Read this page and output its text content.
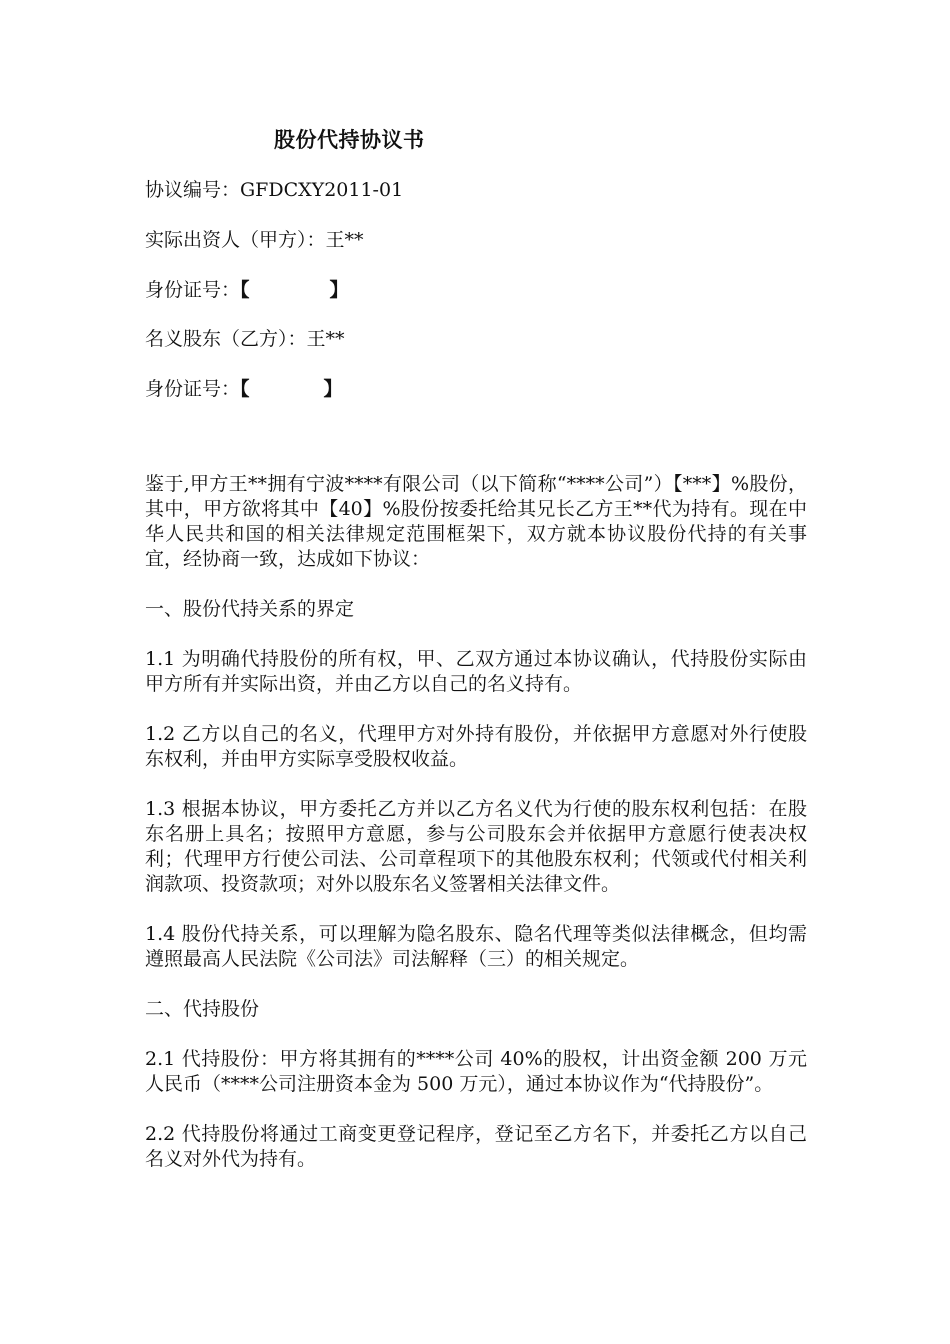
股份代持协议书
协议编号：GFDCXY2011-01
实际出资人（甲方）：王**
身份证号：【	】
名义股东（乙方）：王**
身份证号：【	】

鉴于,甲方王**拥有宁波****有限公司（以下简称“****公司”）【***】%股份，其中，甲方欲将其中【40】%股份按委托给其兄长乙方王**代为持有。现在中华人民共和国的相关法律规定范围框架下，双方就本协议股份代持的有关事宜，经协商一致，达成如下协议：

一、股份代持关系的界定

1.1 为明确代持股份的所有权，甲、乙双方通过本协议确认，代持股份实际由甲方所有并实际出资，并由乙方以自己的名义持有。

1.2 乙方以自己的名义，代理甲方对外持有股份，并依据甲方意愿对外行使股东权利，并由甲方实际享受股权收益。

1.3 根据本协议，甲方委托乙方并以乙方名义代为行使的股东权利包括：在股东名册上具名；按照甲方意愿，参与公司股东会并依据甲方意愿行使表决权利；代理甲方行使公司法、公司章程项下的其他股东权利；代领或代付相关利润款项、投资款项；对外以股东名义签署相关法律文件。

1.4 股份代持关系，可以理解为隐名股东、隐名代理等类似法律概念，但均需遵照最高人民法院《公司法》司法解释（三）的相关规定。

二、代持股份

2.1 代持股份：甲方将其拥有的****公司 40%的股权，计出资金额 200 万元人民币（****公司注册资本金为 500 万元），通过本协议作为“代持股份”。

2.2 代持股份将通过工商变更登记程序，登记至乙方名下，并委托乙方以自己名义对外代为持有。
